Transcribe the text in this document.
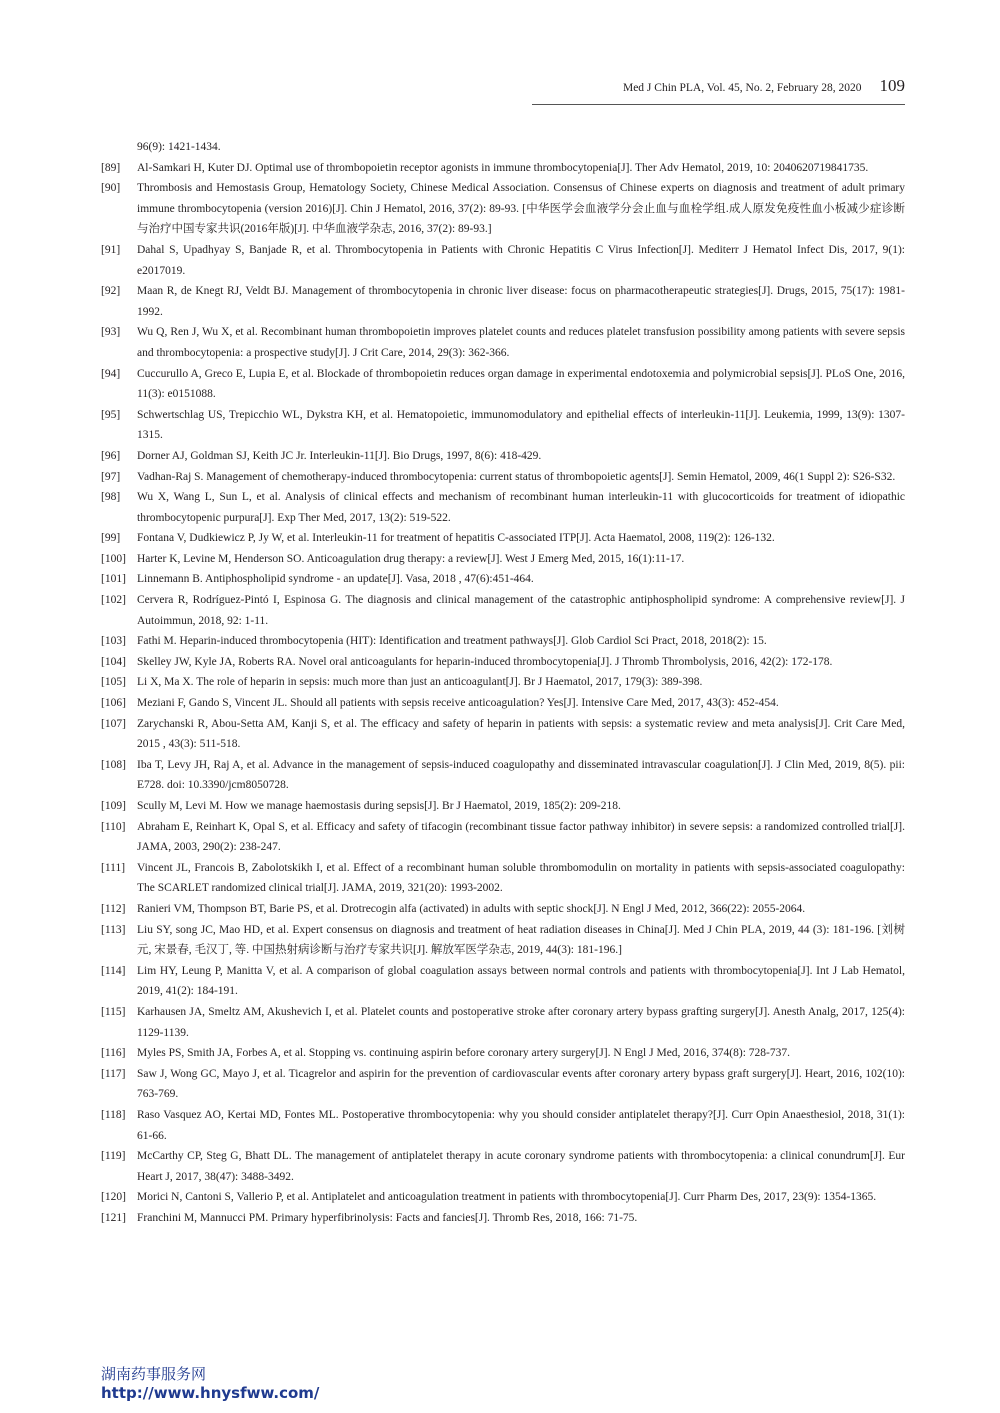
Med J Chin PLA, Vol. 45, No. 2, February 28, 2020 109
96(9): 1421-1434.
[89]	Al-Samkari H, Kuter DJ. Optimal use of thrombopoietin receptor agonists in immune thrombocytopenia[J]. Ther Adv Hematol, 2019, 10: 2040620719841735.
[90]	Thrombosis and Hemostasis Group, Hematology Society, Chinese Medical Association. Consensus of Chinese experts on diagnosis and treatment of adult primary immune thrombocytopenia (version 2016)[J]. Chin J Hematol, 2016, 37(2): 89-93. [中华医学会血液学分会止血与血栓学组.成人原发免疫性血小板减少症诊断与治疗中国专家共识(2016年版)[J]. 中华血液学杂志, 2016, 37(2): 89-93.]
[91]	Dahal S, Upadhyay S, Banjade R, et al. Thrombocytopenia in Patients with Chronic Hepatitis C Virus Infection[J]. Mediterr J Hematol Infect Dis, 2017, 9(1): e2017019.
[92]	Maan R, de Knegt RJ, Veldt BJ. Management of thrombocytopenia in chronic liver disease: focus on pharmacotherapeutic strategies[J]. Drugs, 2015, 75(17): 1981-1992.
[93]	Wu Q, Ren J, Wu X, et al. Recombinant human thrombopoietin improves platelet counts and reduces platelet transfusion possibility among patients with severe sepsis and thrombocytopenia: a prospective study[J]. J Crit Care, 2014, 29(3): 362-366.
[94]	Cuccurullo A, Greco E, Lupia E, et al. Blockade of thrombopoietin reduces organ damage in experimental endotoxemia and polymicrobial sepsis[J]. PLoS One, 2016, 11(3): e0151088.
[95]	Schwertschlag US, Trepicchio WL, Dykstra KH, et al. Hematopoietic, immunomodulatory and epithelial effects of interleukin-11[J]. Leukemia, 1999, 13(9): 1307-1315.
[96]	Dorner AJ, Goldman SJ, Keith JC Jr. Interleukin-11[J]. Bio Drugs, 1997, 8(6): 418-429.
[97]	Vadhan-Raj S. Management of chemotherapy-induced thrombocytopenia: current status of thrombopoietic agents[J]. Semin Hematol, 2009, 46(1 Suppl 2): S26-S32.
[98]	Wu X, Wang L, Sun L, et al. Analysis of clinical effects and mechanism of recombinant human interleukin-11 with glucocorticoids for treatment of idiopathic thrombocytopenic purpura[J]. Exp Ther Med, 2017, 13(2): 519-522.
[99]	Fontana V, Dudkiewicz P, Jy W, et al. Interleukin-11 for treatment of hepatitis C-associated ITP[J]. Acta Haematol, 2008, 119(2): 126-132.
[100] Harter K, Levine M, Henderson SO. Anticoagulation drug therapy: a review[J]. West J Emerg Med, 2015, 16(1):11-17.
[101] Linnemann B. Antiphospholipid syndrome - an update[J]. Vasa, 2018 , 47(6):451-464.
[102] Cervera R, Rodríguez-Pintó I, Espinosa G. The diagnosis and clinical management of the catastrophic antiphospholipid syndrome: A comprehensive review[J]. J Autoimmun, 2018, 92: 1-11.
[103] Fathi M. Heparin-induced thrombocytopenia (HIT): Identification and treatment pathways[J]. Glob Cardiol Sci Pract, 2018, 2018(2): 15.
[104] Skelley JW, Kyle JA, Roberts RA. Novel oral anticoagulants for heparin-induced thrombocytopenia[J]. J Thromb Thrombolysis, 2016, 42(2): 172-178.
[105] Li X, Ma X. The role of heparin in sepsis: much more than just an anticoagulant[J]. Br J Haematol, 2017, 179(3): 389-398.
[106] Meziani F, Gando S, Vincent JL. Should all patients with sepsis receive anticoagulation? Yes[J]. Intensive Care Med, 2017, 43(3): 452-454.
[107] Zarychanski R, Abou-Setta AM, Kanji S, et al. The efficacy and safety of heparin in patients with sepsis: a systematic review and meta analysis[J]. Crit Care Med, 2015 , 43(3): 511-518.
[108] Iba T, Levy JH, Raj A, et al. Advance in the management of sepsis-induced coagulopathy and disseminated intravascular coagulation[J]. J Clin Med, 2019, 8(5). pii: E728. doi: 10.3390/jcm8050728.
[109] Scully M, Levi M. How we manage haemostasis during sepsis[J]. Br J Haematol, 2019, 185(2): 209-218.
[110]	Abraham E, Reinhart K, Opal S, et al. Efficacy and safety of tifacogin (recombinant tissue factor pathway inhibitor) in severe sepsis: a randomized controlled trial[J]. JAMA, 2003, 290(2): 238-247.
[111]	Vincent JL, Francois B, Zabolotskikh I, et al. Effect of a recombinant human soluble thrombomodulin on mortality in patients with sepsis-associated coagulopathy: The SCARLET randomized clinical trial[J]. JAMA, 2019, 321(20): 1993-2002.
[112]	Ranieri VM, Thompson BT, Barie PS, et al. Drotrecogin alfa (activated) in adults with septic shock[J]. N Engl J Med, 2012, 366(22): 2055-2064.
[113]	Liu SY, song JC, Mao HD, et al. Expert consensus on diagnosis and treatment of heat radiation diseases in China[J]. Med J Chin PLA, 2019, 44 (3): 181-196. [刘树元, 宋景春, 毛汉丁, 等. 中国热射病诊断与治疗专家共识[J]. 解放军医学杂志, 2019, 44(3): 181-196.]
[114]	Lim HY, Leung P, Manitta V, et al. A comparison of global coagulation assays between normal controls and patients with thrombocytopenia[J]. Int J Lab Hematol, 2019, 41(2): 184-191.
[115]	Karhausen JA, Smeltz AM, Akushevich I, et al. Platelet counts and postoperative stroke after coronary artery bypass grafting surgery[J]. Anesth Analg, 2017, 125(4): 1129-1139.
[116]	Myles PS, Smith JA, Forbes A, et al. Stopping vs. continuing aspirin before coronary artery surgery[J]. N Engl J Med, 2016, 374(8): 728-737.
[117]	Saw J, Wong GC, Mayo J, et al. Ticagrelor and aspirin for the prevention of cardiovascular events after coronary artery bypass graft surgery[J]. Heart, 2016, 102(10): 763-769.
[118]	Raso Vasquez AO, Kertai MD, Fontes ML. Postoperative thrombocytopenia: why you should consider antiplatelet therapy?[J]. Curr Opin Anaesthesiol, 2018, 31(1): 61-66.
[119]	McCarthy CP, Steg G, Bhatt DL. The management of antiplatelet therapy in acute coronary syndrome patients with thrombocytopenia: a clinical conundrum[J]. Eur Heart J, 2017, 38(47): 3488-3492.
[120] Morici N, Cantoni S, Vallerio P, et al. Antiplatelet and anticoagulation treatment in patients with thrombocytopenia[J]. Curr Pharm Des, 2017, 23(9): 1354-1365.
[121] Franchini M, Mannucci PM. Primary hyperfibrinolysis: Facts and fancies[J]. Thromb Res, 2018, 166: 71-75.
湖南药事服务网
http://www.hnysfww.com/
